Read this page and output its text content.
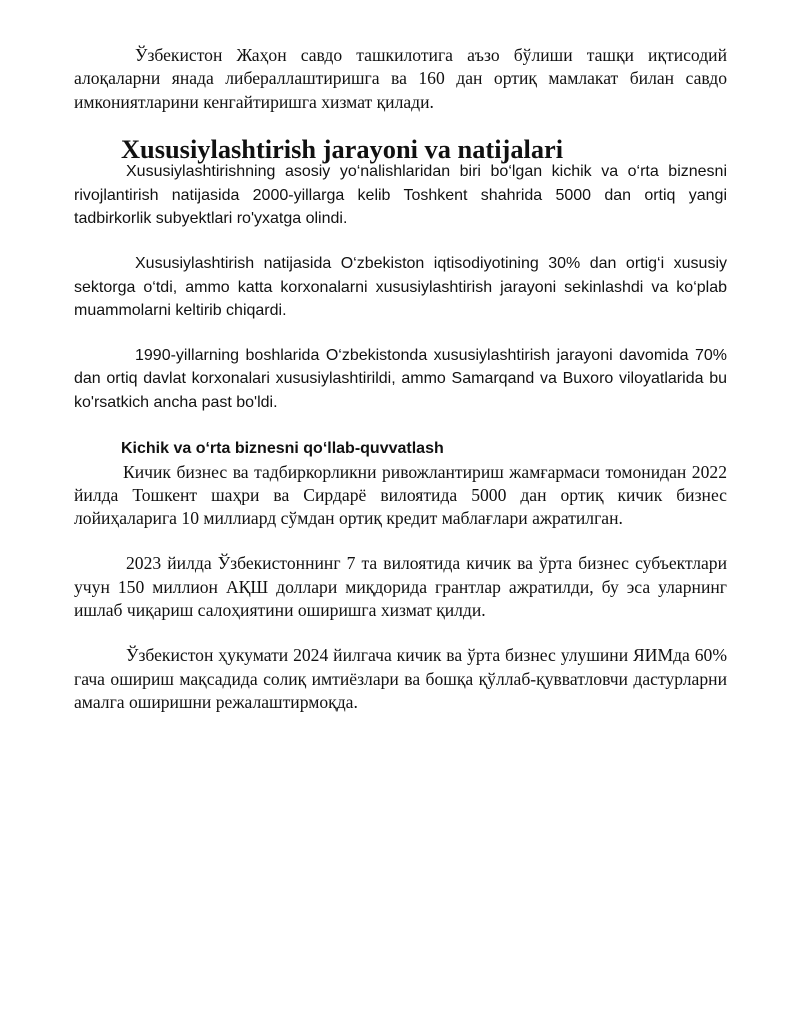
Ўзбекистон Жаҳон савдо ташкилотига аъзо бўлиши ташқи иқтисодий алоқаларни янада либераллаштиришга ва 160 дан ортиқ мамлакат билан савдо имкониятларини кенгайтиришга хизмат қилади.

Xususiylashtirish jarayoni va natijalari

Xususiylashtirishning asosiy yo‘nalishlaridan biri bo‘lgan kichik va o‘rta biznesni rivojlantirish natijasida 2000-yillarga kelib Toshkent shahrida 5000 dan ortiq yangi tadbirkorlik subyektlari ro'yxatga olindi.

Xususiylashtirish natijasida O‘zbekiston iqtisodiyotining 30% dan ortig‘i xususiy sektorga o‘tdi, ammo katta korxonalarni xususiylashtirish jarayoni sekinlashdi va ko‘plab muammolarni keltirib chiqardi.

1990-yillarning boshlarida O‘zbekistonda xususiylashtirish jarayoni davomida 70% dan ortiq davlat korxonalari xususiylashtirildi, ammo Samarqand va Buxoro viloyatlarida bu ko'rsatkich ancha past bo'ldi.

Kichik va o‘rta biznesni qo‘llab-quvvatlash

Кичик бизнес ва тадбиркорликни ривожлантириш жамғармаси томонидан 2022 йилда Тошкент шаҳри ва Сирдарё вилоятида 5000 дан ортиқ кичик бизнес лойиҳаларига 10 миллиард сўмдан ортиқ кредит маблағлари ажратилган.

2023 йилда Ўзбекистоннинг 7 та вилоятида кичик ва ўрта бизнес субъектлари учун 150 миллион АҚШ доллари миқдорида грантлар ажратилди, бу эса уларнинг ишлаб чиқариш салоҳиятини оширишга хизмат қилди.

Ўзбекистон ҳукумати 2024 йилгача кичик ва ўрта бизнес улушини ЯИМда 60% гача ошириш мақсадида солиқ имтиёзлари ва бошқа қўллаб-қувватловчи дастурларни амалга оширишни режалаштирмоқда.
